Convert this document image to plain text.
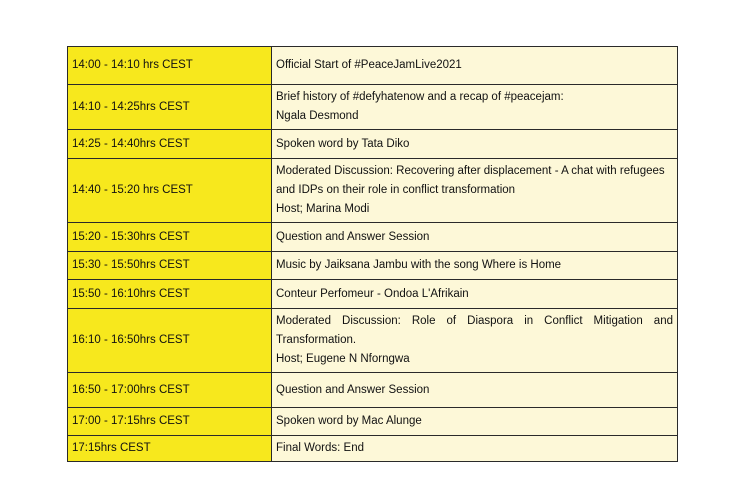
14:00 - 14:10 hrs CEST	Official Start of #PeaceJamLive2021

14:10 - 14:25hrs CEST	Brief history of #defyhatenow and a recap of #peacejam:
Ngala Desmond

14:25 - 14:40hrs CEST	Spoken word by Tata Diko

14:40 - 15:20 hrs CEST	Moderated Discussion: Recovering after displacement - A chat with refugees
and IDPs on their role in conflict transformation
Host; Marina Modi

15:20 - 15:30hrs CEST	Question and Answer Session

15:30 - 15:50hrs CEST	Music by Jaiksana Jambu with the song Where is Home

15:50 - 16:10hrs CEST	Conteur Perfomeur - Ondoa L'Afrikain

16:10 - 16:50hrs CEST	Moderated Discussion: Role of Diaspora in Conflict Mitigation and
Transformation.
Host; Eugene N Nforngwa

16:50 - 17:00hrs CEST	Question and Answer Session

17:00 - 17:15hrs CEST	Spoken word by Mac Alunge

17:15hrs CEST	Final Words: End
